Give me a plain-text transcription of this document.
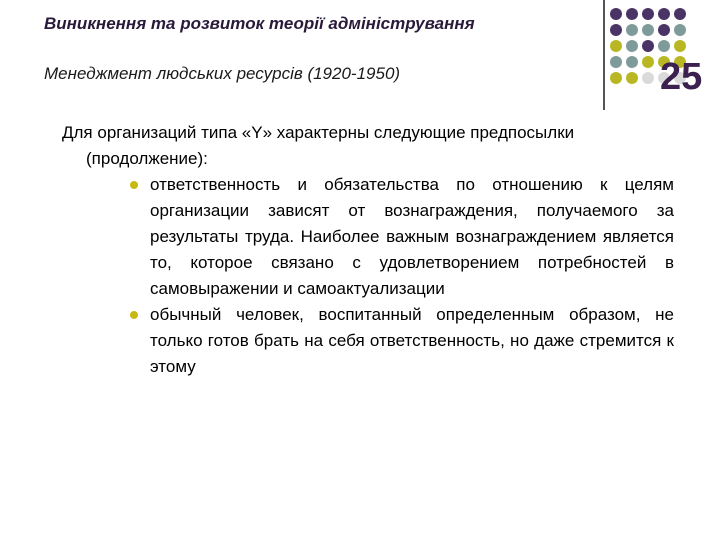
Виникнення та розвиток теорії адміністрування
Менеджмент людських ресурсів (1920-1950)	25

Для организаций типа «Y» характерны следующие предпосылки (продолжение):

ответственность и обязательства по отношению к целям организации зависят от вознаграждения, получаемого за результаты труда. Наиболее важным вознаграждением является то, которое связано с удовлетворением потребностей в самовыражении и самоактуализации
обычный человек, воспитанный определенным образом, не только готов брать на себя ответственность, но даже стремится к этому
